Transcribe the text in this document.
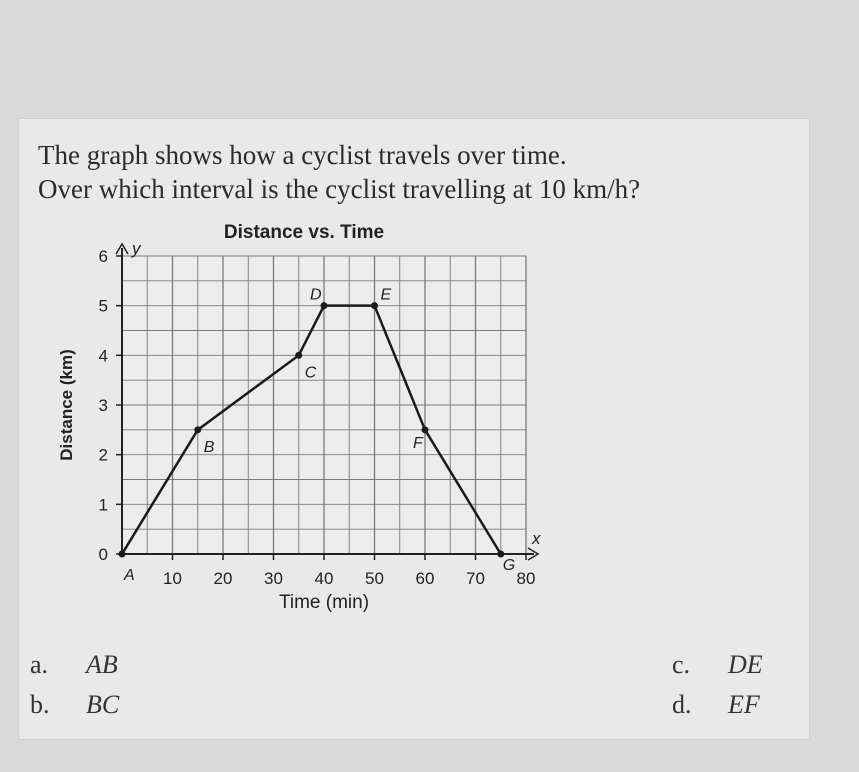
The graph shows how a cyclist travels over time.
Over which interval is the cyclist travelling at 10 km/h?
x
y
10 20 30 40 50 60 70 80
0
1
2
3
4
5
6
Distance vs. Time
Time (min)
Distance (km)
A
B
C
D	E
F
G
a. AB
b. BC
c. DE
d. EF
